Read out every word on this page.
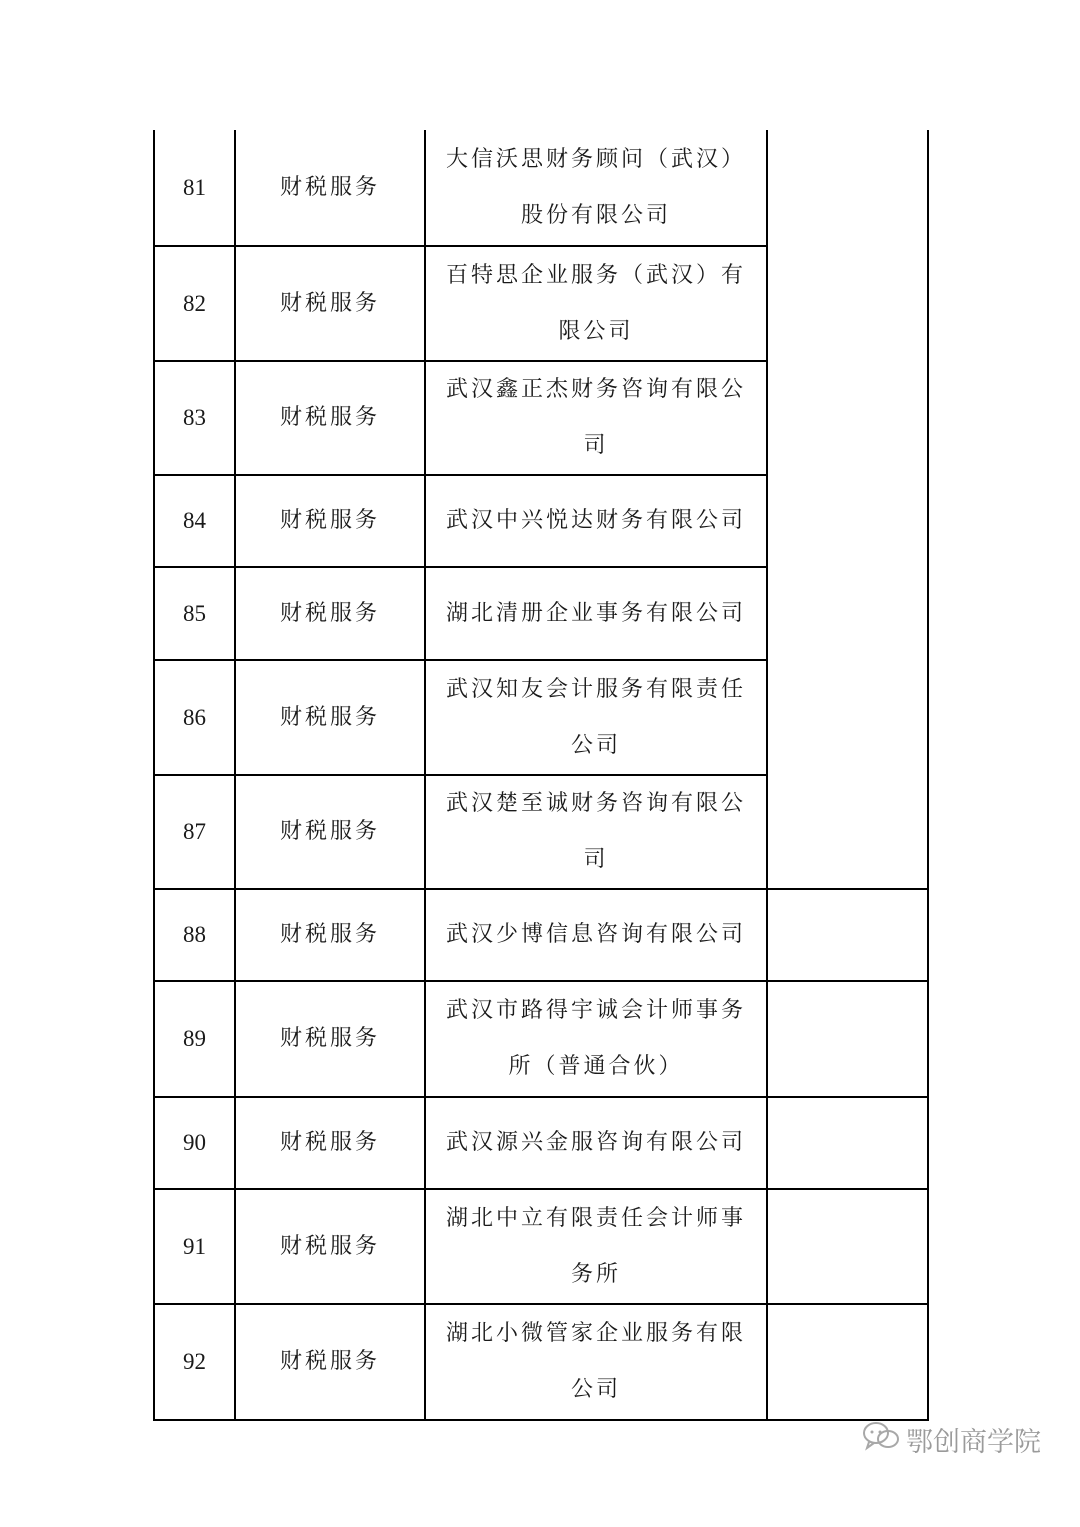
81	财税服务	大信沃思财务顾问（武汉）股份有限公司	
82	财税服务	百特思企业服务（武汉）有限公司	
83	财税服务	武汉鑫正杰财务咨询有限公司	
84	财税服务	武汉中兴悦达财务有限公司	
85	财税服务	湖北清册企业事务有限公司	
86	财税服务	武汉知友会计服务有限责任公司	
87	财税服务	武汉楚至诚财务咨询有限公司	
88	财税服务	武汉少博信息咨询有限公司	
89	财税服务	武汉市路得宇诚会计师事务所（普通合伙）	
90	财税服务	武汉源兴金服咨询有限公司	
91	财税服务	湖北中立有限责任会计师事务所	
92	财税服务	湖北小微管家企业服务有限公司	
鄂创商学院
